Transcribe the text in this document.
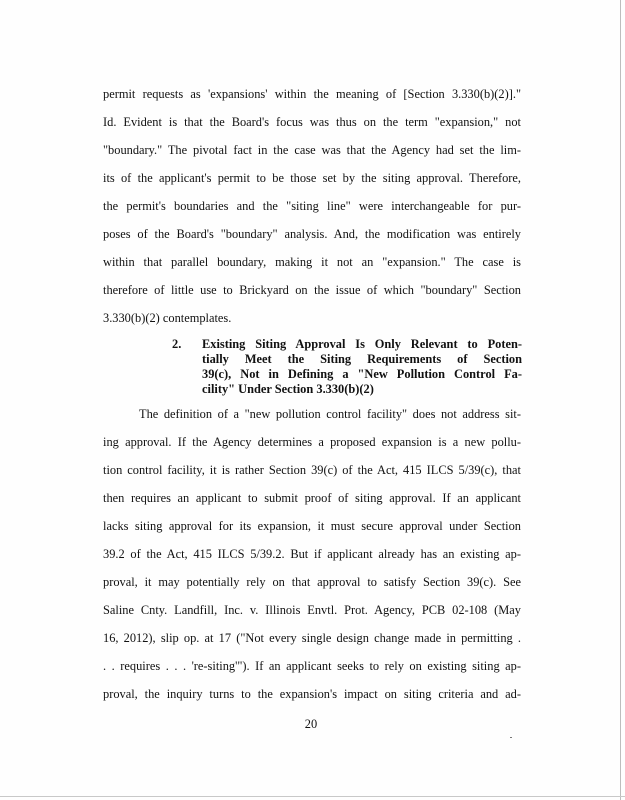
permit requests as 'expansions' within the meaning of [Section 3.330(b)(2)]."
Id. Evident is that the Board's focus was thus on the term "expansion," not
"boundary." The pivotal fact in the case was that the Agency had set the lim-
its of the applicant's permit to be those set by the siting approval. Therefore,
the permit's boundaries and the "siting line" were interchangeable for pur-
poses of the Board's "boundary" analysis. And, the modification was entirely
within that parallel boundary, making it not an "expansion." The case is
therefore of little use to Brickyard on the issue of which "boundary" Section
3.330(b)(2) contemplates.
2. Existing Siting Approval Is Only Relevant to Poten-
tially Meet the Siting Requirements of Section
39(c), Not in Defining a "New Pollution Control Fa-
cility" Under Section 3.330(b)(2)
The definition of a "new pollution control facility" does not address sit-
ing approval. If the Agency determines a proposed expansion is a new pollu-
tion control facility, it is rather Section 39(c) of the Act, 415 ILCS 5/39(c), that
then requires an applicant to submit proof of siting approval. If an applicant
lacks siting approval for its expansion, it must secure approval under Section
39.2 of the Act, 415 ILCS 5/39.2. But if applicant already has an existing ap-
proval, it may potentially rely on that approval to satisfy Section 39(c). See
Saline Cnty. Landfill, Inc. v. Illinois Envtl. Prot. Agency, PCB 02-108 (May
16, 2012), slip op. at 17 ("Not every single design change made in permitting .
. . requires . . . 're-siting'"). If an applicant seeks to rely on existing siting ap-
proval, the inquiry turns to the expansion's impact on siting criteria and ad-
20
